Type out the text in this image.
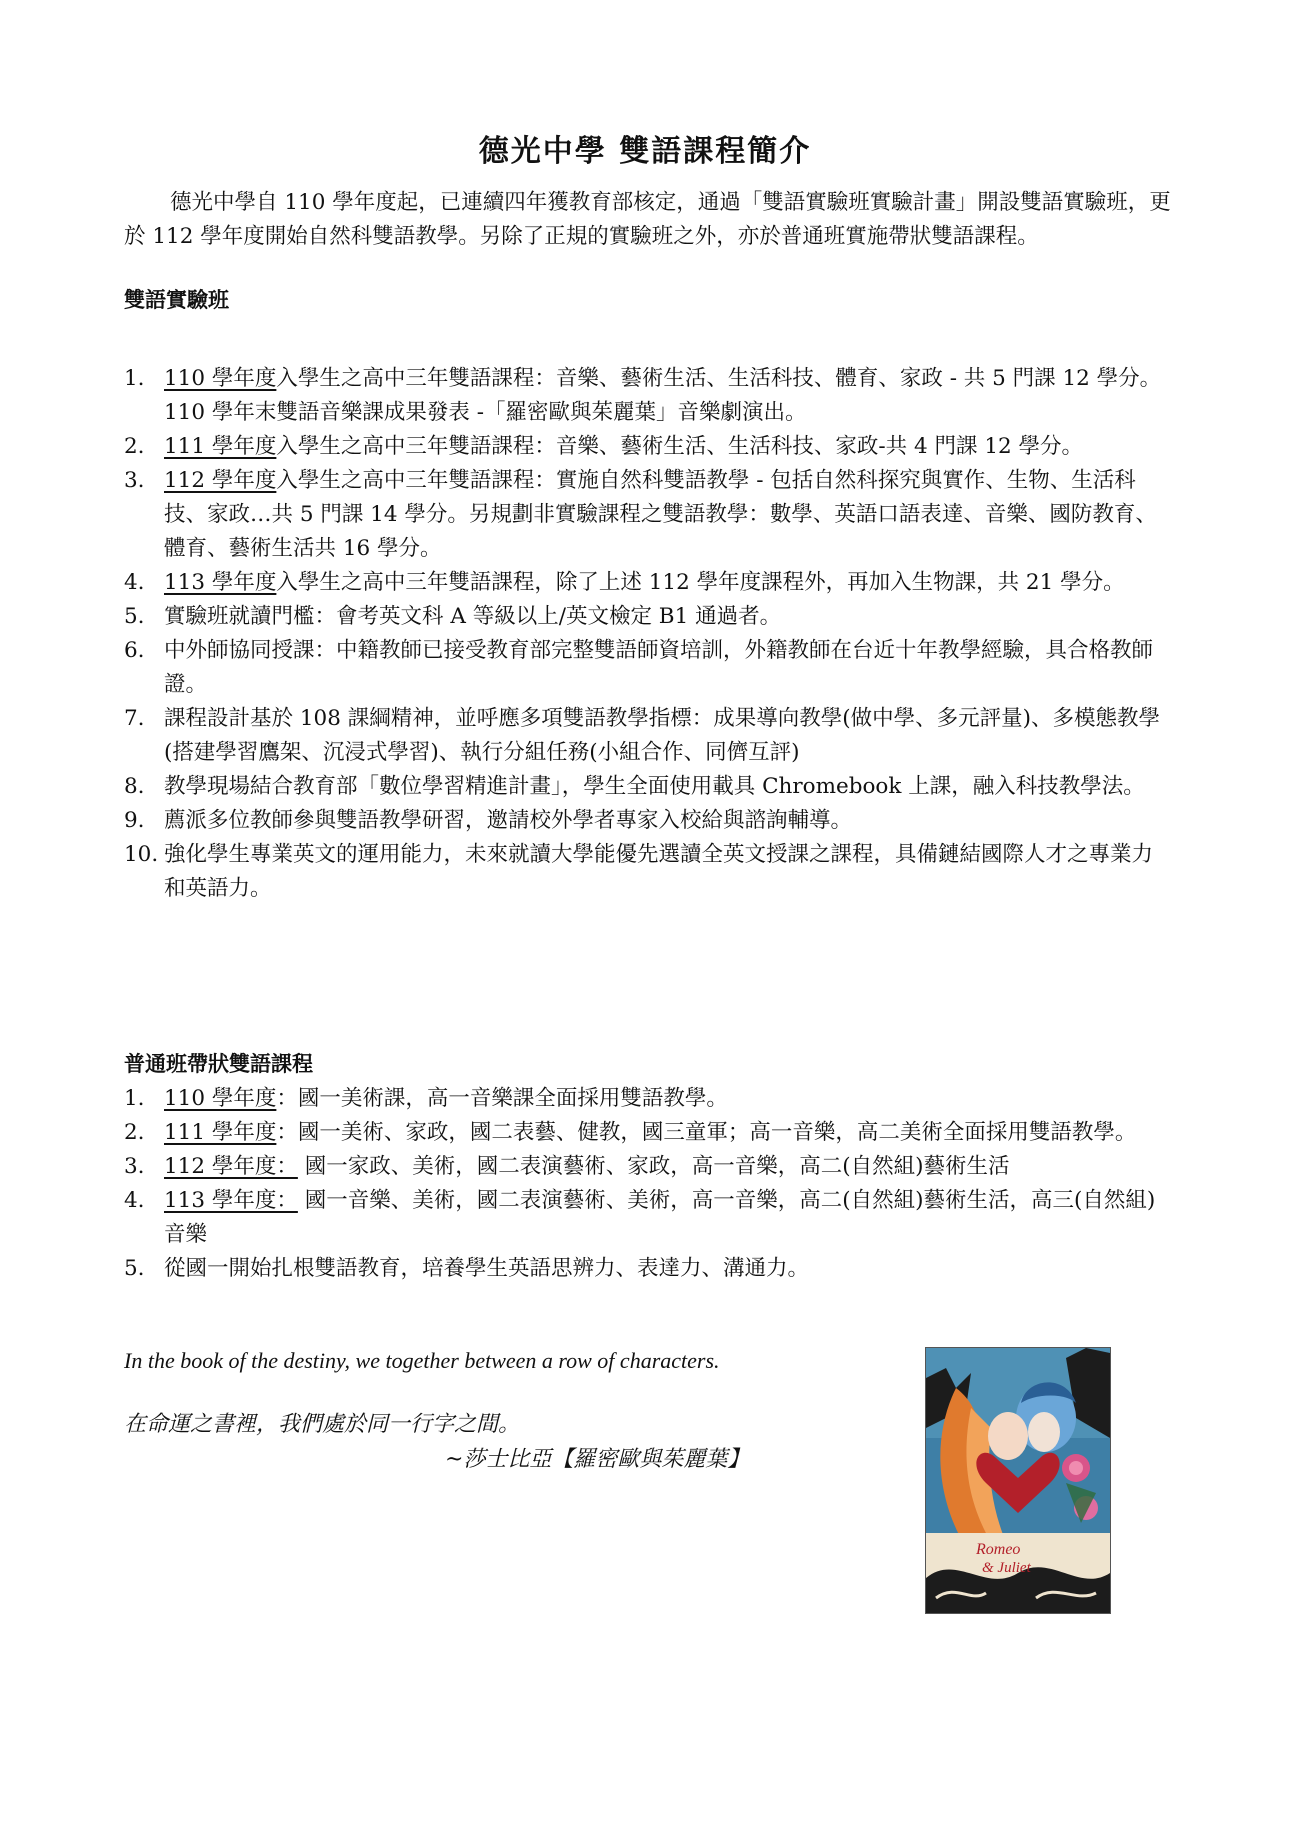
德光中學 雙語課程簡介
德光中學自 110 學年度起，已連續四年獲教育部核定，通過「雙語實驗班實驗計畫」開設雙語實驗班，更於 112 學年度開始自然科雙語教學。另除了正規的實驗班之外，亦於普通班實施帶狀雙語課程。
雙語實驗班
1. 110 學年度入學生之高中三年雙語課程：音樂、藝術生活、生活科技、體育、家政 - 共 5 門課 12 學分。110 學年末雙語音樂課成果發表 -「羅密歐與茱麗葉」音樂劇演出。
2. 111 學年度入學生之高中三年雙語課程：音樂、藝術生活、生活科技、家政-共 4 門課 12 學分。
3. 112 學年度入學生之高中三年雙語課程：實施自然科雙語教學 - 包括自然科探究與實作、生物、生活科技、家政…共 5 門課 14 學分。另規劃非實驗課程之雙語教學：數學、英語口語表達、音樂、國防教育、體育、藝術生活共 16 學分。
4. 113 學年度入學生之高中三年雙語課程，除了上述 112 學年度課程外，再加入生物課，共 21 學分。
5. 實驗班就讀門檻：會考英文科 A 等級以上/英文檢定 B1 通過者。
6. 中外師協同授課：中籍教師已接受教育部完整雙語師資培訓，外籍教師在台近十年教學經驗，具合格教師證。
7. 課程設計基於 108 課綱精神，並呼應多項雙語教學指標：成果導向教學(做中學、多元評量)、多模態教學(搭建學習鷹架、沉浸式學習)、執行分組任務(小組合作、同儕互評)
8. 教學現場結合教育部「數位學習精進計畫」，學生全面使用載具 Chromebook 上課，融入科技教學法。
9. 薦派多位教師參與雙語教學研習，邀請校外學者專家入校給與諮詢輔導。
10. 強化學生專業英文的運用能力，未來就讀大學能優先選讀全英文授課之課程，具備鏈結國際人才之專業力和英語力。
普通班帶狀雙語課程
1. 110 學年度：國一美術課，高一音樂課全面採用雙語教學。
2. 111 學年度：國一美術、家政，國二表藝、健教，國三童軍；高一音樂，高二美術全面採用雙語教學。
3. 112 學年度： 國一家政、美術，國二表演藝術、家政，高一音樂，高二(自然組)藝術生活
4. 113 學年度： 國一音樂、美術，國二表演藝術、美術，高一音樂，高二(自然組)藝術生活，高三(自然組) 音樂
5. 從國一開始扎根雙語教育，培養學生英語思辨力、表達力、溝通力。
In the book of the destiny, we together between a row of characters.
在命運之書裡，我們處於同一行字之間。
~莎士比亞【羅密歐與茱麗葉】
Romeo
& Juliet
